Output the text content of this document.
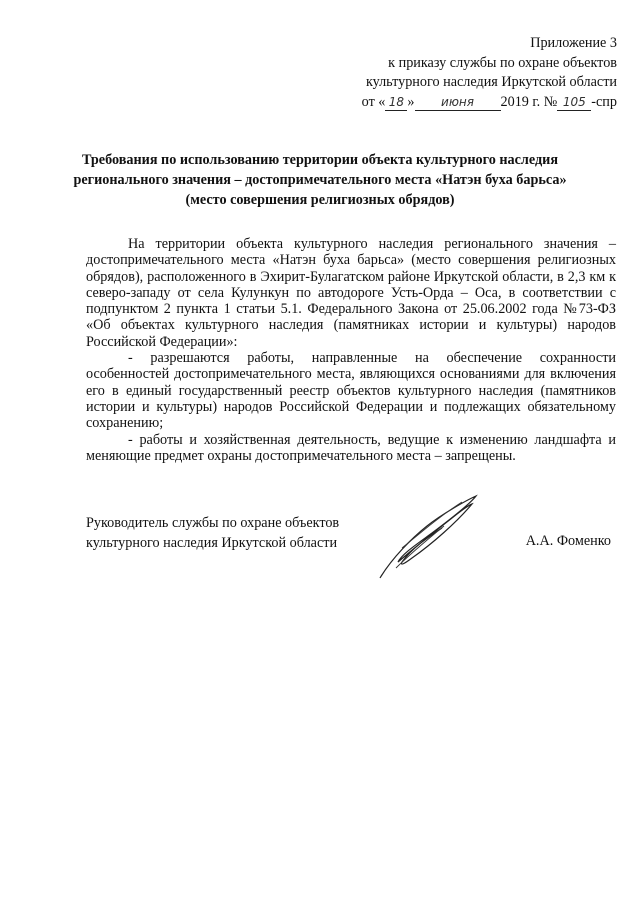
Приложение 3
к приказу службы по охране объектов
культурного наследия Иркутской области
от « 18 » июня 2019 г. № 105 -спр
Требования по использованию территории объекта культурного наследия
регионального значения – достопримечательного места «Натэн буха барьса»
(место совершения религиозных обрядов)

На территории объекта культурного наследия регионального значения – достопримечательного места «Натэн буха барьса» (место совершения религиозных обрядов), расположенного в Эхирит-Булагатском районе Иркутской области, в 2,3 км к северо-западу от села Кулункун по автодороге Усть-Орда – Оса, в соответствии с подпунктом 2 пункта 1 статьи 5.1. Федерального Закона от 25.06.2002 года №73-ФЗ «Об объектах культурного наследия (памятниках истории и культуры) народов Российской Федерации»:

- разрешаются работы, направленные на обеспечение сохранности особенностей достопримечательного места, являющихся основаниями для включения его в единый государственный реестр объектов культурного наследия (памятников истории и культуры) народов Российской Федерации и подлежащих обязательному сохранению;

- работы и хозяйственная деятельность, ведущие к изменению ландшафта и меняющие предмет охраны достопримечательного места – запрещены.

Руководитель службы по охране объектов
культурного наследия Иркутской области	А.А. Фоменко
